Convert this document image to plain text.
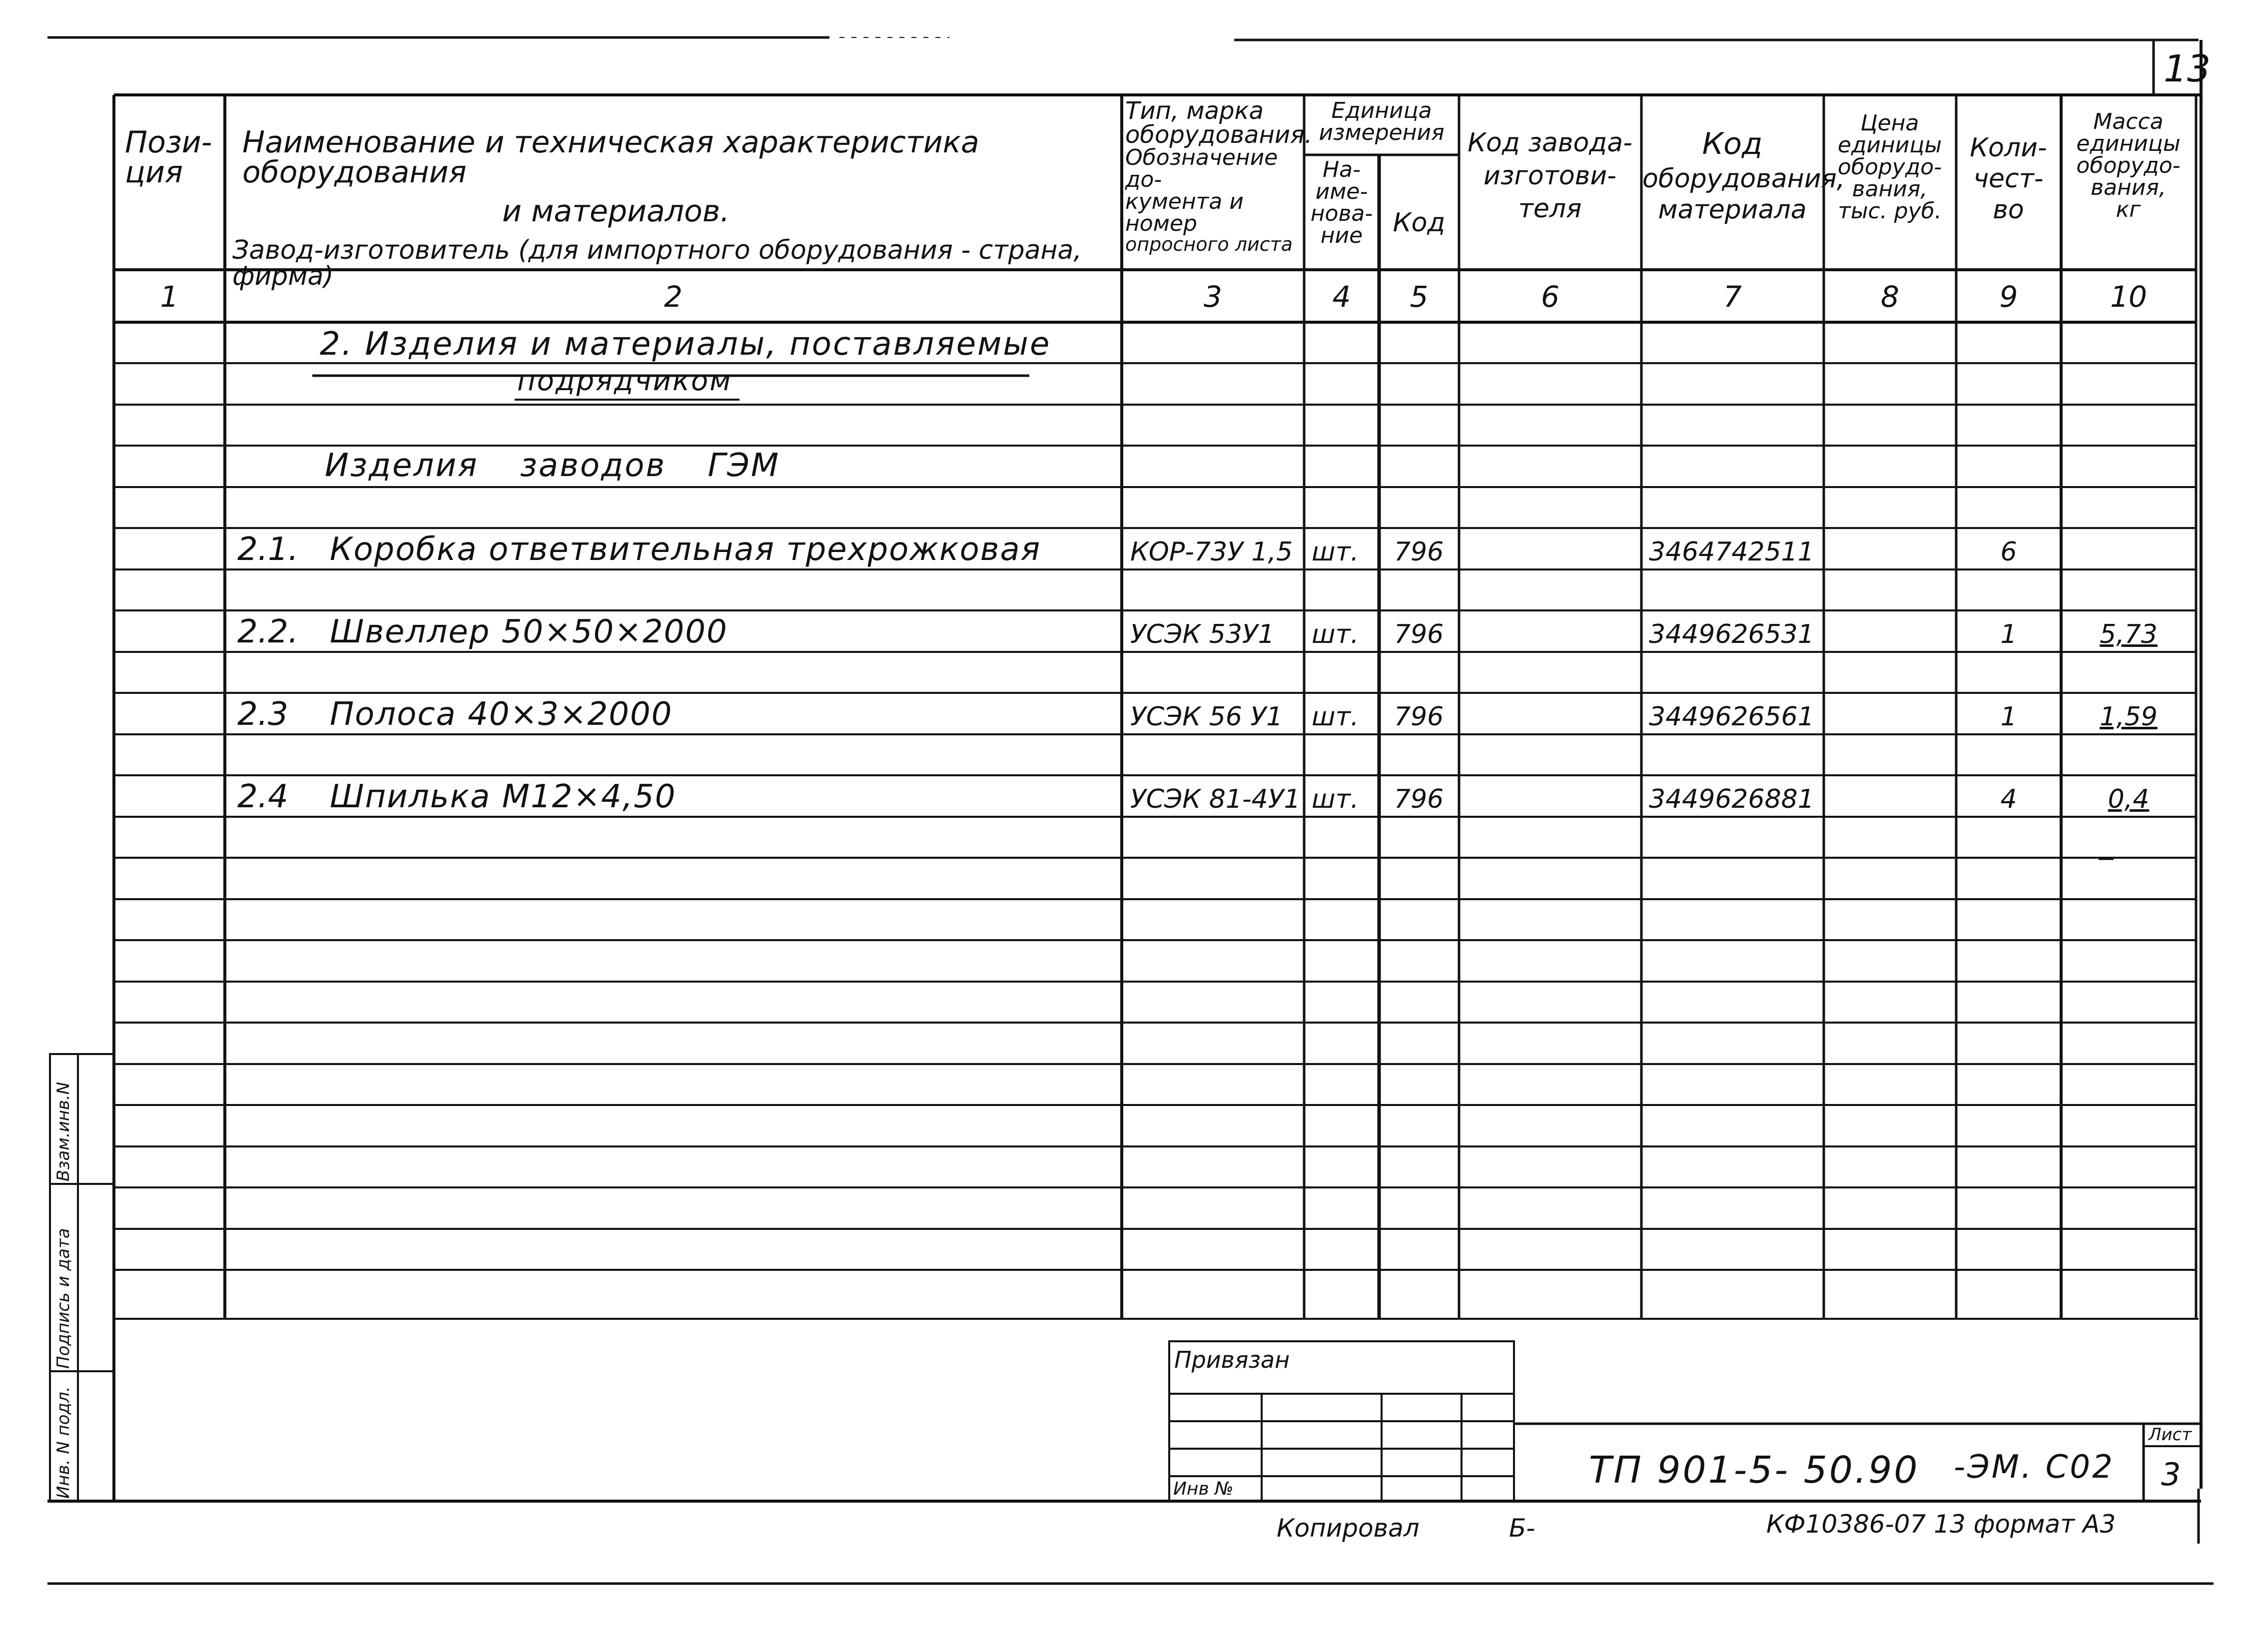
13
Пози-
ция
Наименование и техническая характеристика оборудования
и материалов.
Завод-изготовитель (для импортного оборудования - страна, фирма)
Тип, марка
оборудования.
Обозначение до-
кумента и номер
опросного листа
Единица
измерения
На-
име-
нова-
ние	Код
Код завода-
изготови-
теля
Код
оборудования,
материала
Цена
единицы
оборудо-
вания,
тыс. руб.
Коли-
чест-
во
Масса
единицы
оборудо-
вания,
кг
1	2	3	4	5	6	7	8	9	10
2. Изделия и материалы, поставляемые
подрядчиком
Изделия заводов ГЭМ
2.1. Коробка ответвительная трехрожковая	КОР-73У 1,5 шт. 796	3464742511	6
2.2. Швеллер 50×50×2000	УСЭК 53У1 шт. 796	3449626531	1	5,73
2.3 Полоса 40×3×2000	УСЭК 56 У1 шт. 796	3449626561	1	1,59
2.4 Шпилька М12×4,50	УСЭК 81-4У1 шт. 796	3449626881	4	0,4
Привязан
Инв №	ТП 901-5- 50.90 -ЭМ. С02
Лист
3
Копировал	Б-	КФ10386-07 13 формат А3
Инв. N подл.
Подпись и дата
Взам.инв.N
